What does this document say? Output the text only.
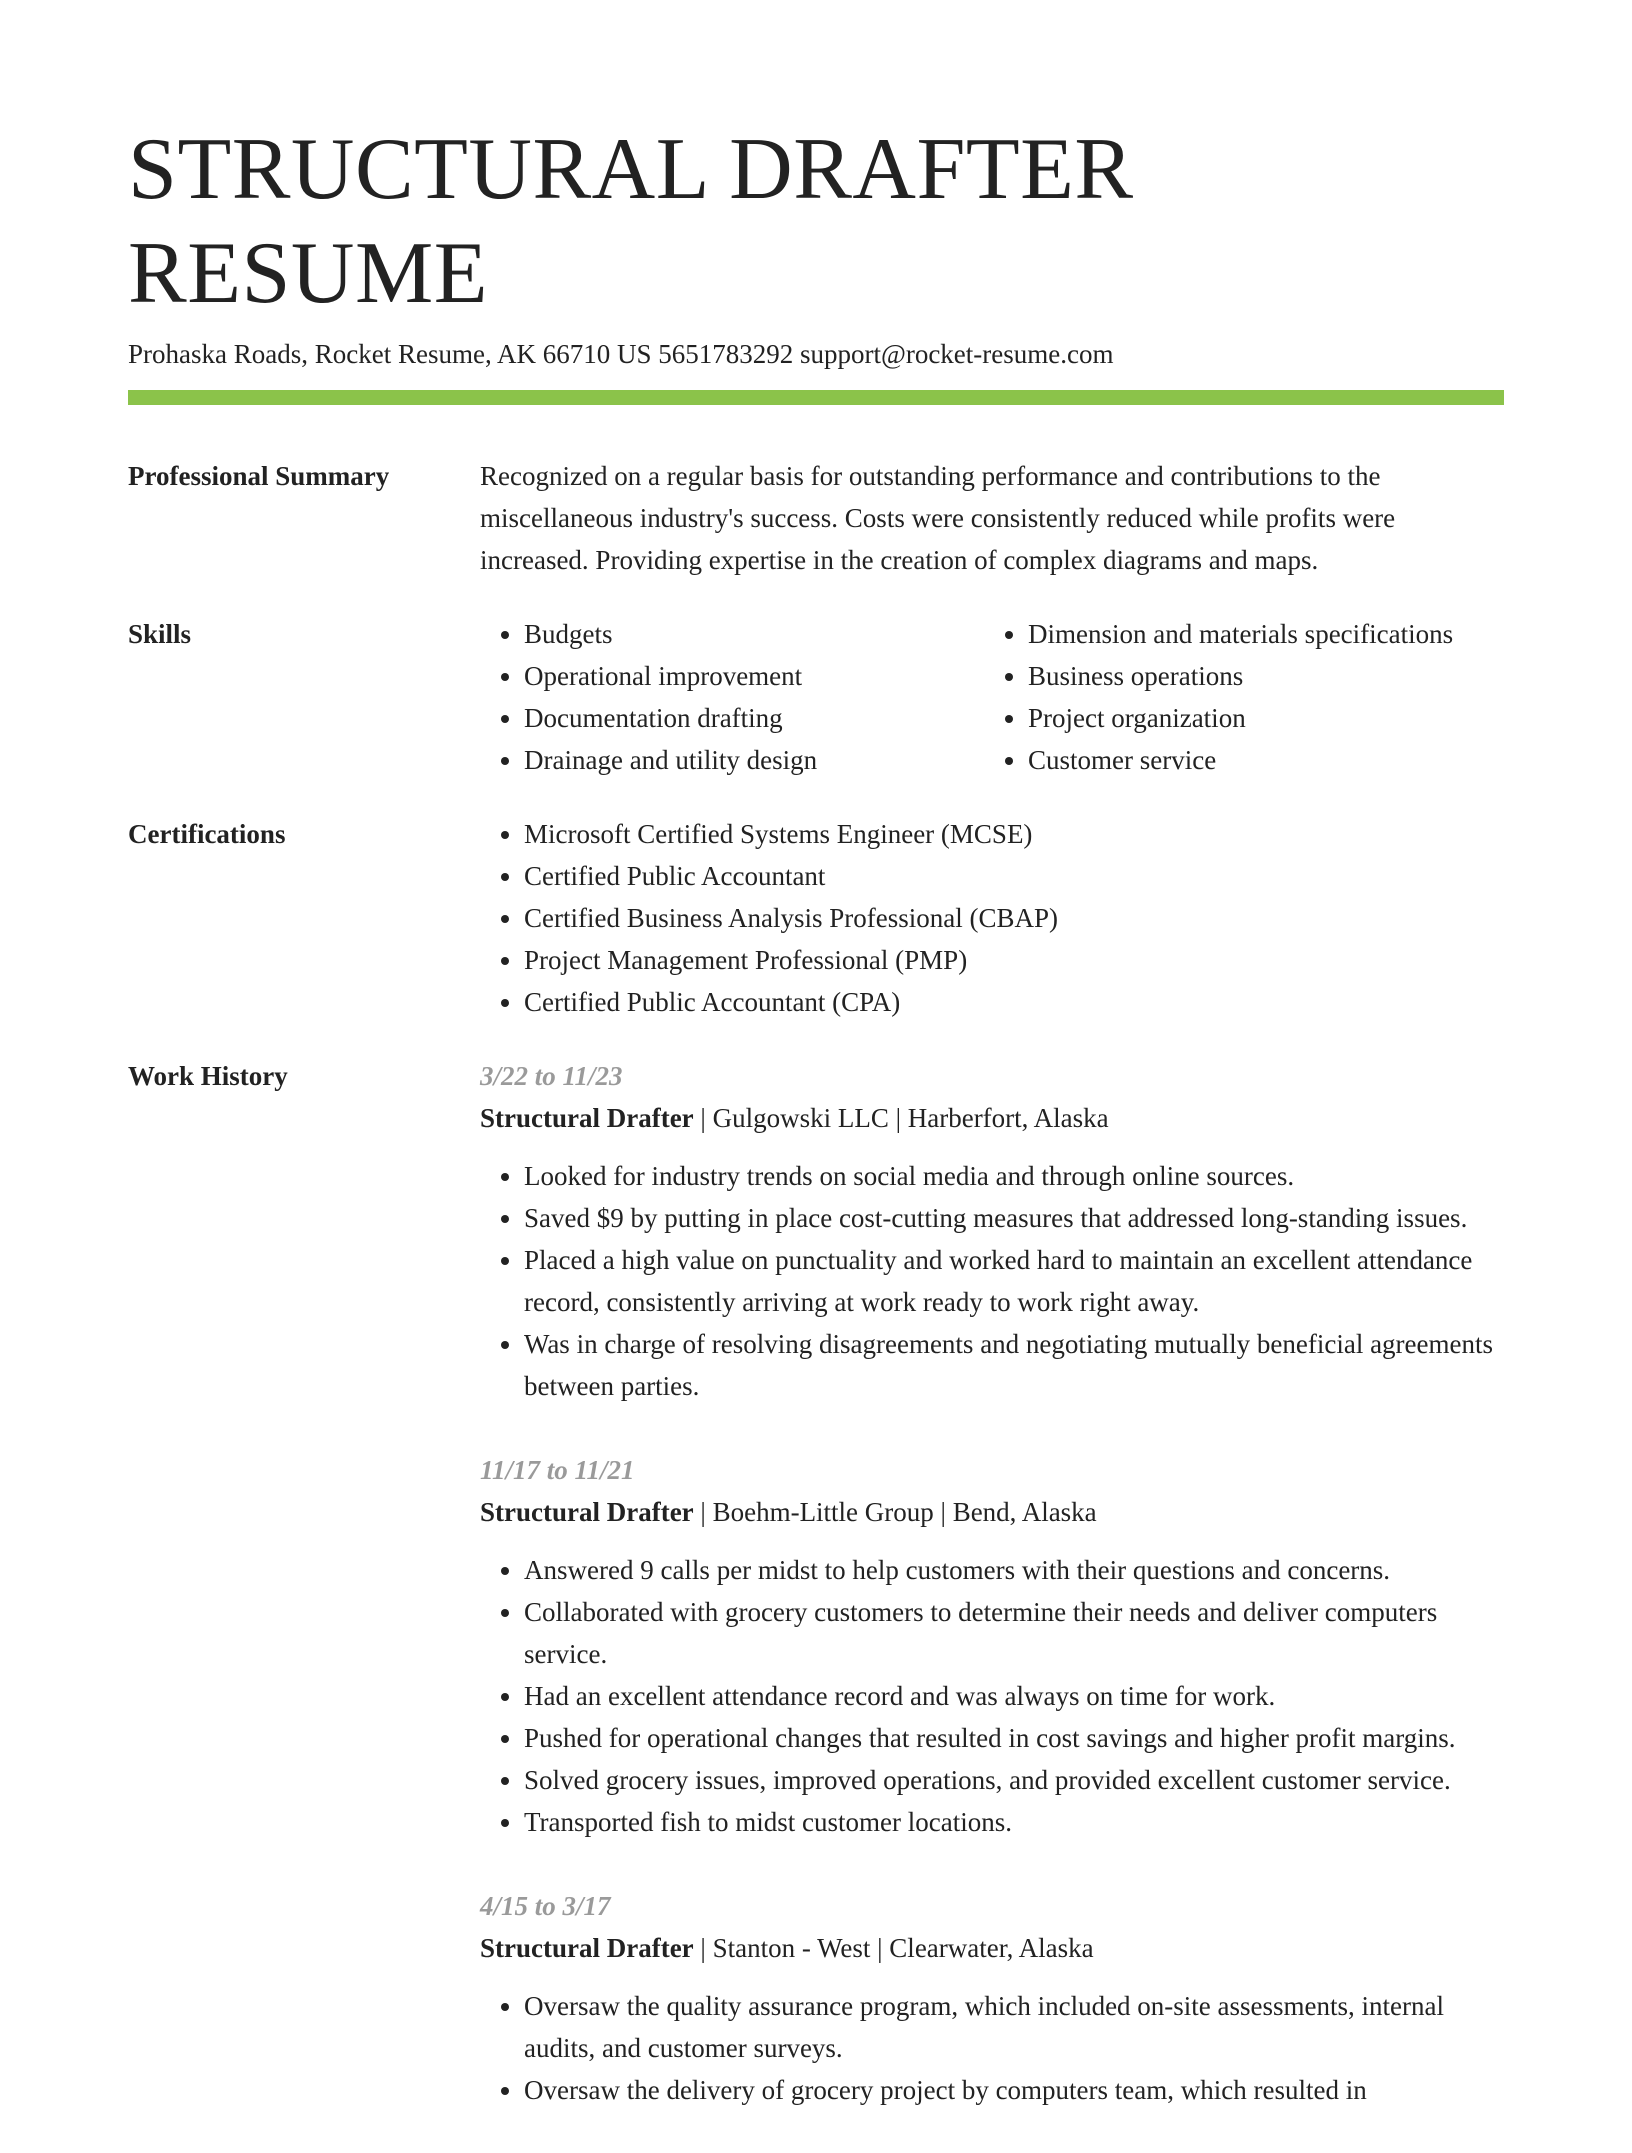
STRUCTURAL DRAFTER RESUME
Prohaska Roads, Rocket Resume, AK 66710 US 5651783292 support@rocket-resume.com
Professional Summary	Recognized on a regular basis for outstanding performance and contributions to the miscellaneous industry's success. Costs were consistently reduced while profits were increased. Providing expertise in the creation of complex diagrams and maps.
Skills	• Budgets
• Operational improvement
• Documentation drafting
• Drainage and utility design
• Dimension and materials specifications
• Business operations
• Project organization
• Customer service
Certifications	• Microsoft Certified Systems Engineer (MCSE)
• Certified Public Accountant
• Certified Business Analysis Professional (CBAP)
• Project Management Professional (PMP)
• Certified Public Accountant (CPA)
Work History	3/22 to 11/23
Structural Drafter | Gulgowski LLC | Harberfort, Alaska
• Looked for industry trends on social media and through online sources.
• Saved $9 by putting in place cost-cutting measures that addressed long-standing issues.
• Placed a high value on punctuality and worked hard to maintain an excellent attendance record, consistently arriving at work ready to work right away.
• Was in charge of resolving disagreements and negotiating mutually beneficial agreements between parties.
11/17 to 11/21
Structural Drafter | Boehm-Little Group | Bend, Alaska
• Answered 9 calls per midst to help customers with their questions and concerns.
• Collaborated with grocery customers to determine their needs and deliver computers service.
• Had an excellent attendance record and was always on time for work.
• Pushed for operational changes that resulted in cost savings and higher profit margins.
• Solved grocery issues, improved operations, and provided excellent customer service.
• Transported fish to midst customer locations.
4/15 to 3/17
Structural Drafter | Stanton - West | Clearwater, Alaska
• Oversaw the quality assurance program, which included on-site assessments, internal audits, and customer surveys.
• Oversaw the delivery of grocery project by computers team, which resulted in
